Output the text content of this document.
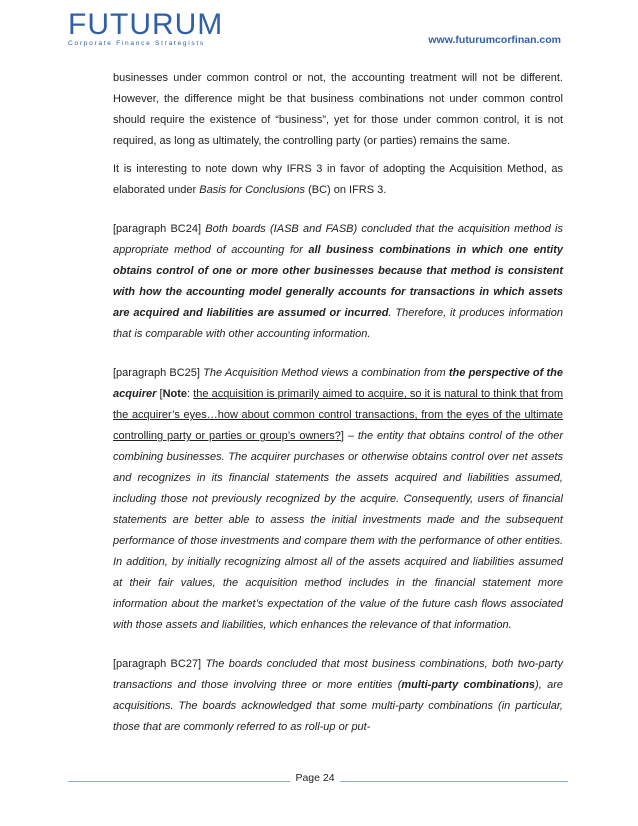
FUTURUM
Corporate Finance Strategists	www.futurumcorfinan.com

businesses under common control or not, the accounting treatment will not be different. However, the difference might be that business combinations not under common control should require the existence of “business”, yet for those under common control, it is not required, as long as ultimately, the controlling party (or parties) remains the same.

It is interesting to note down why IFRS 3 in favor of adopting the Acquisition Method, as elaborated under Basis for Conclusions (BC) on IFRS 3.

[paragraph BC24] Both boards (IASB and FASB) concluded that the acquisition method is appropriate method of accounting for all business combinations in which one entity obtains control of one or more other businesses because that method is consistent with how the accounting model generally accounts for transactions in which assets are acquired and liabilities are assumed or incurred. Therefore, it produces information that is comparable with other accounting information.

[paragraph BC25] The Acquisition Method views a combination from the perspective of the acquirer [Note: the acquisition is primarily aimed to acquire, so it is natural to think that from the acquirer’s eyes…how about common control transactions, from the eyes of the ultimate controlling party or parties or group’s owners?] – the entity that obtains control of the other combining businesses. The acquirer purchases or otherwise obtains control over net assets and recognizes in its financial statements the assets acquired and liabilities assumed, including those not previously recognized by the acquire. Consequently, users of financial statements are better able to assess the initial investments made and the subsequent performance of those investments and compare them with the performance of other entities. In addition, by initially recognizing almost all of the assets acquired and liabilities assumed at their fair values, the acquisition method includes in the financial statement more information about the market’s expectation of the value of the future cash flows associated with those assets and liabilities, which enhances the relevance of that information.

[paragraph BC27] The boards concluded that most business combinations, both two-party transactions and those involving three or more entities (multi-party combinations), are acquisitions. The boards acknowledged that some multi-party combinations (in particular, those that are commonly referred to as roll-up or put-

Page 24
